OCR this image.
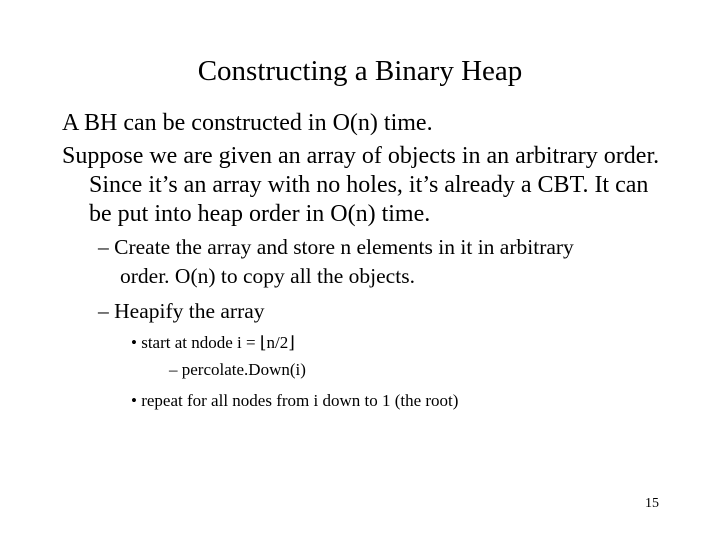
Constructing a Binary Heap
A BH can be constructed in O(n) time.
Suppose we are given an array of objects in an arbitrary order.
Since it’s an array with no holes, it’s already a CBT. It can
be put into heap order in O(n) time.
– Create the array and store n elements in it in arbitrary
order. O(n) to copy all the objects.
– Heapify the array
• start at ndode i = ⌊n/2⌋
– percolate.Down(i)
• repeat for all nodes from i down to 1 (the root)
15
